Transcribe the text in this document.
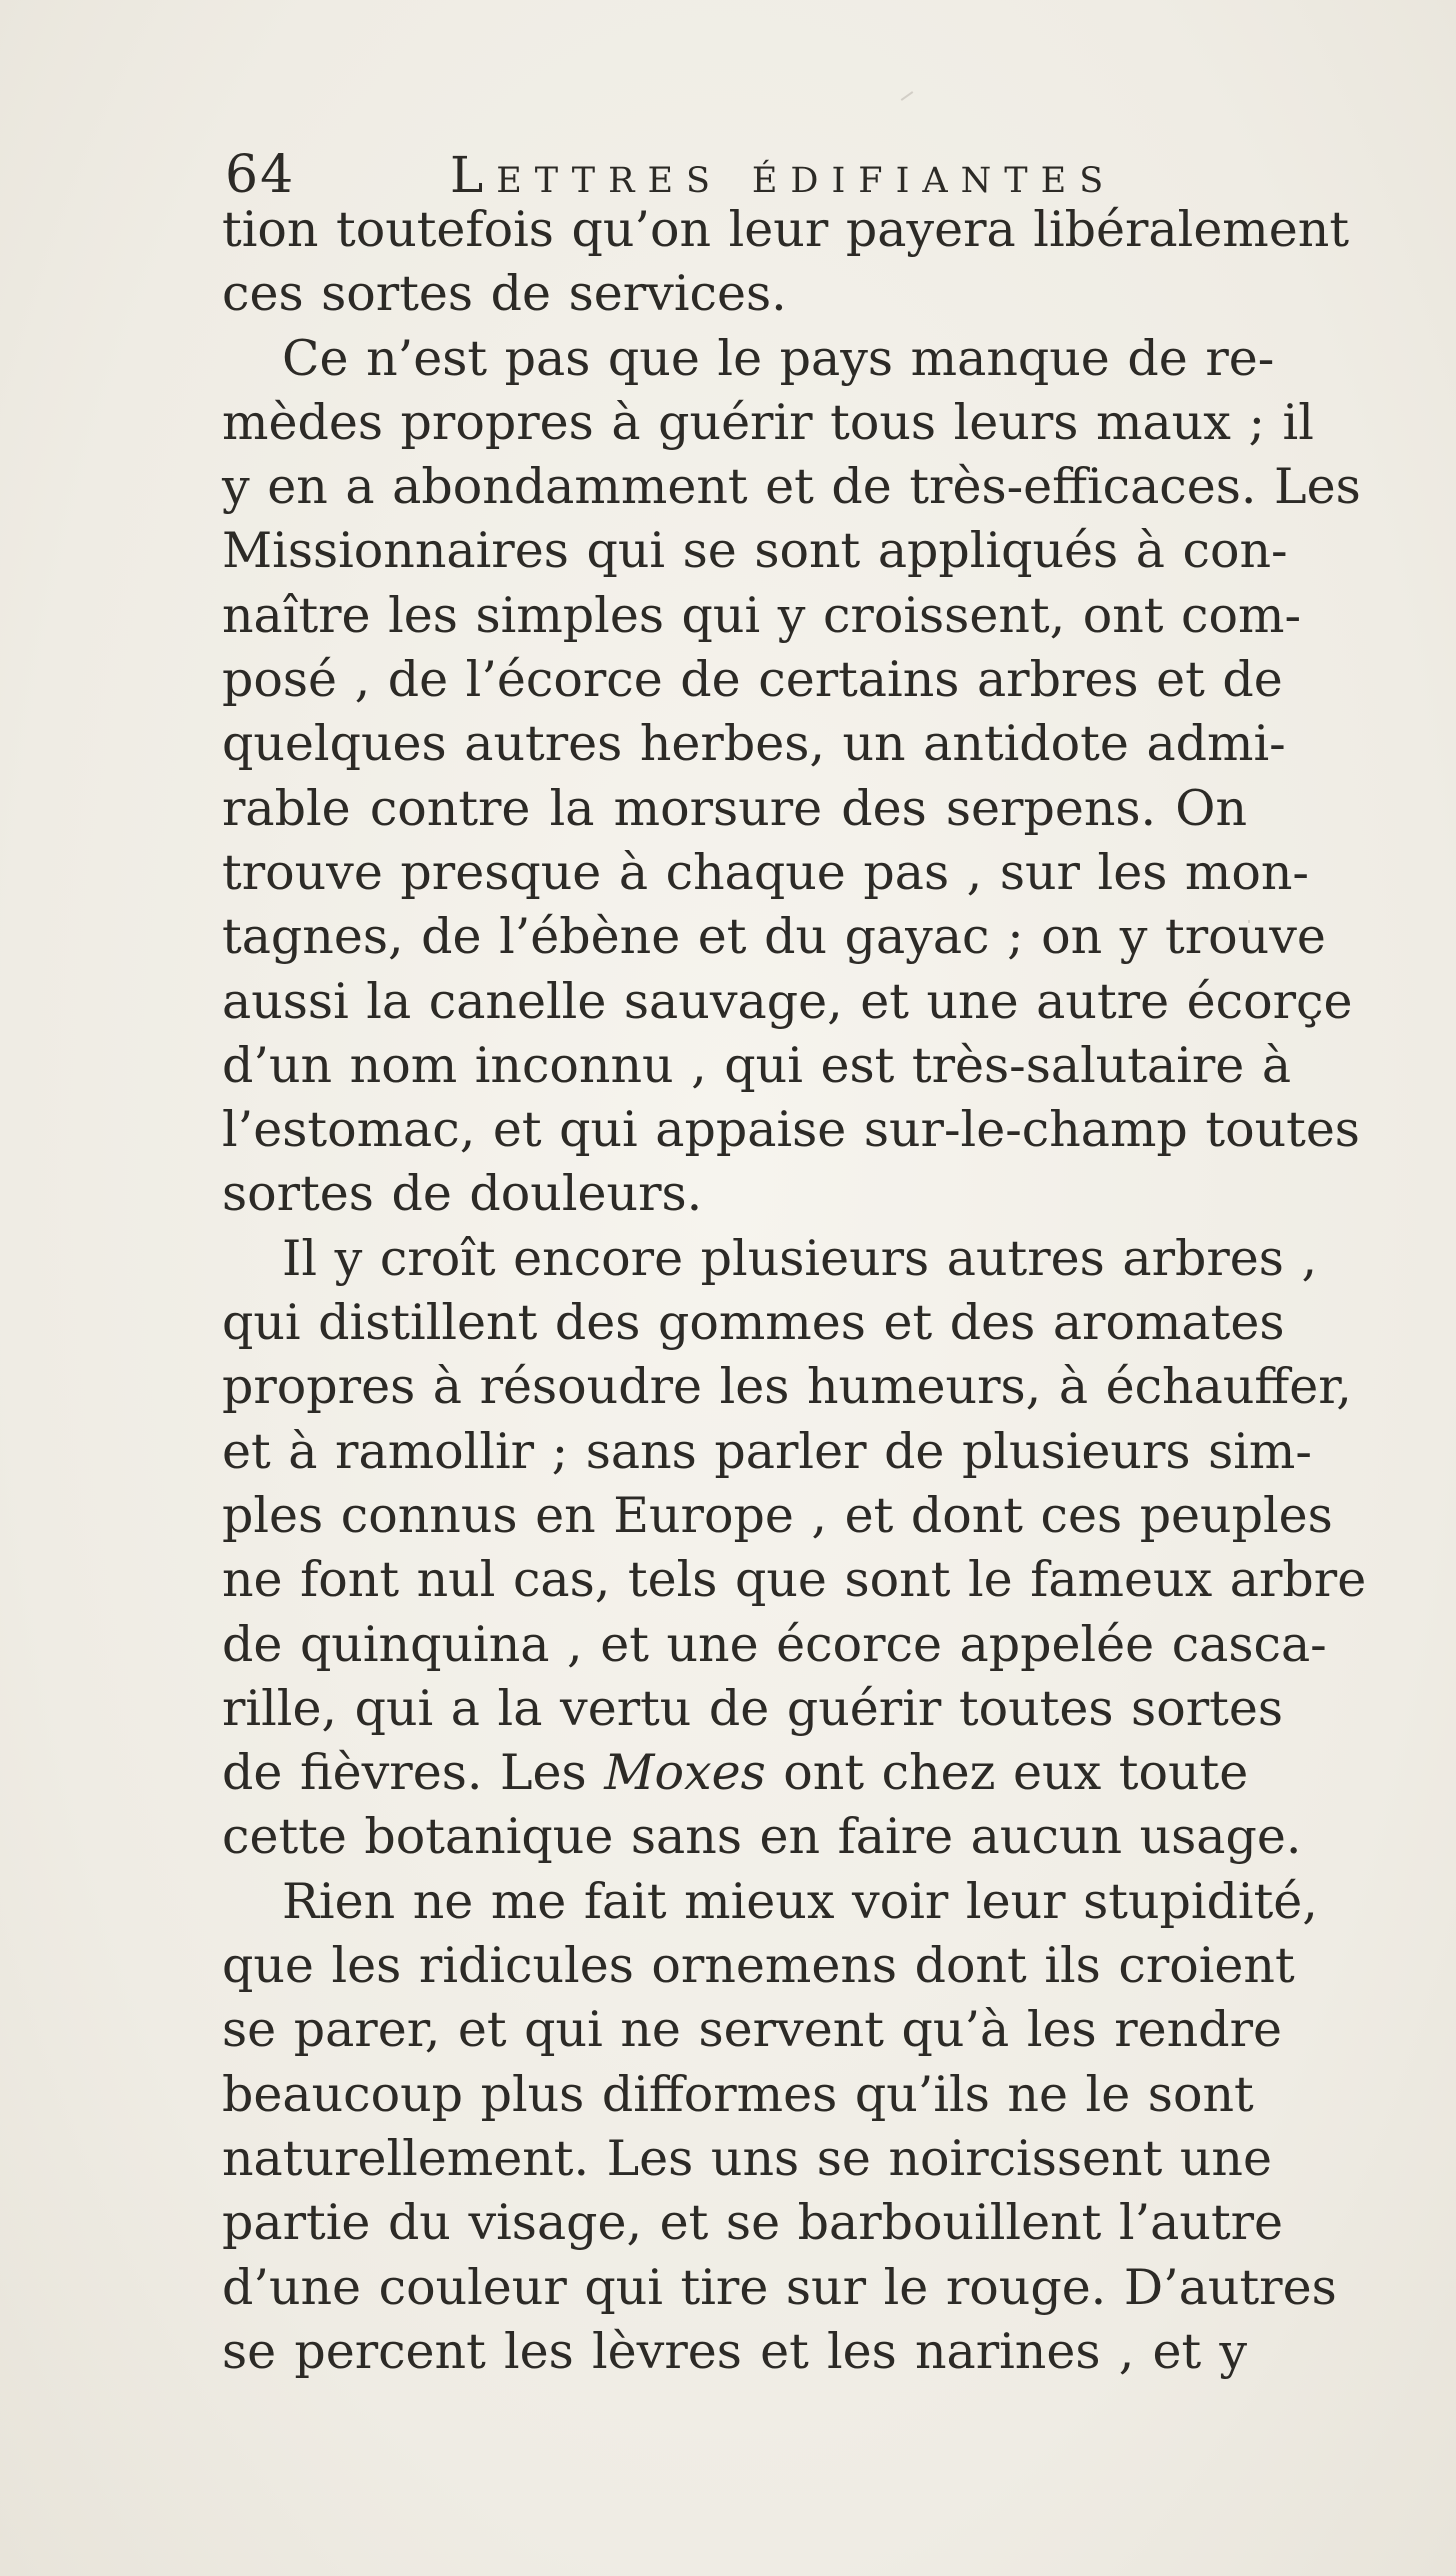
64	Lettres édifiantes
tion toutefois qu’on leur payera libéralement
ces sortes de services.
Ce n’est pas que le pays manque de re-
mèdes propres à guérir tous leurs maux ; il
y en a abondamment et de très-efficaces. Les
Missionnaires qui se sont appliqués à con-
naître les simples qui y croissent, ont com-
posé , de l’écorce de certains arbres et de
quelques autres herbes, un antidote admi-
rable contre la morsure des serpens. On
trouve presque à chaque pas , sur les mon-
tagnes, de l’ébène et du gayac ; on y trouve
aussi la canelle sauvage, et une autre écorçe
d’un nom inconnu , qui est très-salutaire à
l’estomac, et qui appaise sur-le-champ toutes
sortes de douleurs.
Il y croît encore plusieurs autres arbres ,
qui distillent des gommes et des aromates
propres à résoudre les humeurs, à échauffer,
et à ramollir ; sans parler de plusieurs sim-
ples connus en Europe , et dont ces peuples
ne font nul cas, tels que sont le fameux arbre
de quinquina , et une écorce appelée casca-
rille, qui a la vertu de guérir toutes sortes
de fièvres. Les Moxes ont chez eux toute
cette botanique sans en faire aucun usage.
Rien ne me fait mieux voir leur stupidité,
que les ridicules ornemens dont ils croient
se parer, et qui ne servent qu’à les rendre
beaucoup plus difformes qu’ils ne le sont
naturellement. Les uns se noircissent une
partie du visage, et se barbouillent l’autre
d’une couleur qui tire sur le rouge. D’autres
se percent les lèvres et les narines , et y
